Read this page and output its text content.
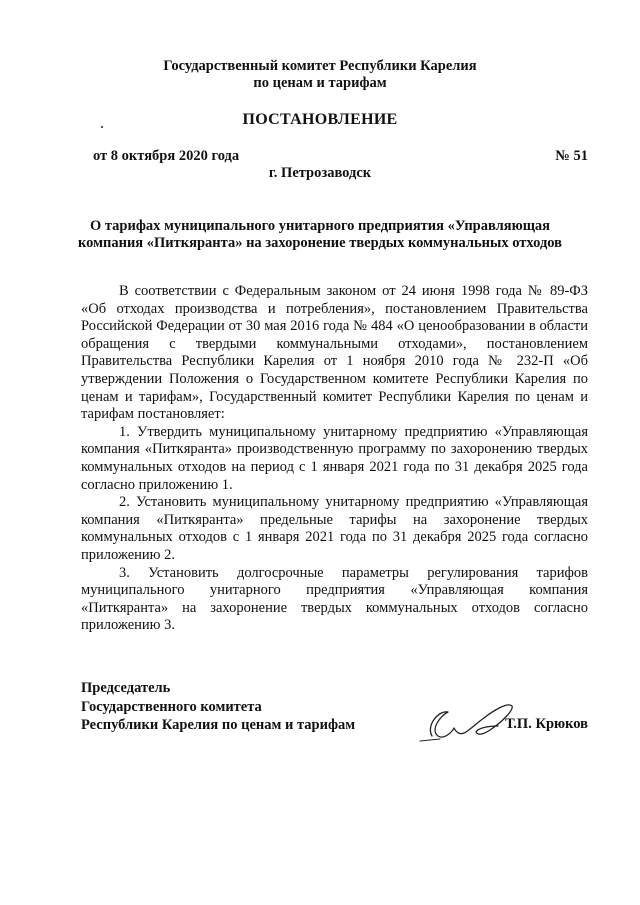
Государственный комитет Республики Карелия
по ценам и тарифам
ПОСТАНОВЛЕНИЕ
от 8 октября 2020 года	№ 51
г. Петрозаводск
О тарифах муниципального унитарного предприятия «Управляющая компания «Питкяранта» на захоронение твердых коммунальных отходов

В соответствии с Федеральным законом от 24 июня 1998 года № 89-ФЗ «Об отходах производства и потребления», постановлением Правительства Российской Федерации от 30 мая 2016 года № 484 «О ценообразовании в области обращения с твердыми коммунальными отходами», постановлением Правительства Республики Карелия от 1 ноября 2010 года № 232-П «Об утверждении Положения о Государственном комитете Республики Карелия по ценам и тарифам», Государственный комитет Республики Карелия по ценам и тарифам постановляет:

1. Утвердить муниципальному унитарному предприятию «Управляющая компания «Питкяранта» производственную программу по захоронению твердых коммунальных отходов на период с 1 января 2021 года по 31 декабря 2025 года согласно приложению 1.

2. Установить муниципальному унитарному предприятию «Управляющая компания «Питкяранта» предельные тарифы на захоронение твердых коммунальных отходов с 1 января 2021 года по 31 декабря 2025 года согласно приложению 2.

3. Установить долгосрочные параметры регулирования тарифов муниципального унитарного предприятия «Управляющая компания «Питкяранта» на захоронение твердых коммунальных отходов согласно приложению 3.

Председатель
Государственного комитета
Республики Карелия по ценам и тарифам	Т.П. Крюков
